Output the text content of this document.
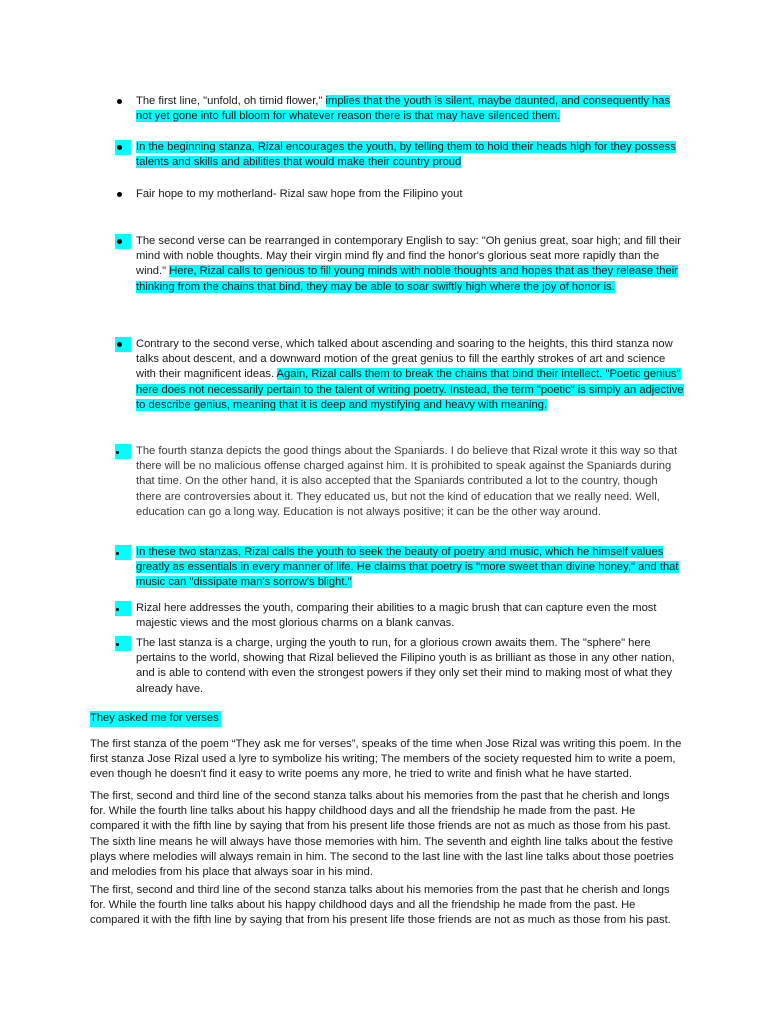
The first line, "unfold, oh timid flower," implies that the youth is silent, maybe daunted, and consequently has not yet gone into full bloom for whatever reason there is that may have silenced them.
In the beginning stanza, Rizal encourages the youth, by telling them to hold their heads high for they possess talents and skills and abilities that would make their country proud
Fair hope to my motherland- Rizal saw hope from the Filipino yout
The second verse can be rearranged in contemporary English to say: "Oh genius great, soar high; and fill their mind with noble thoughts. May their virgin mind fly and find the honor's glorious seat more rapidly than the wind." Here, Rizal calls to genious to fill young minds with noble thoughts and hopes that as they release their thinking from the chains that bind, they may be able to soar swiftly high where the joy of honor is.
Contrary to the second verse, which talked about ascending and soaring to the heights, this third stanza now talks about descent, and a downward motion of the great genius to fill the earthly strokes of art and science with their magnificent ideas. Again, Rizal calls them to break the chains that bind their intellect. "Poetic genius" here does not necessarily pertain to the talent of writing poetry. Instead, the term "poetic" is simply an adjective to describe genius, meaning that it is deep and mystifying and heavy with meaning.
The fourth stanza depicts the good things about the Spaniards. I do believe that Rizal wrote it this way so that there will be no malicious offense charged against him. It is prohibited to speak against the Spaniards during that time. On the other hand, it is also accepted that the Spaniards contributed a lot to the country, though there are controversies about it. They educated us, but not the kind of education that we really need. Well, education can go a long way. Education is not always positive; it can be the other way around.
In these two stanzas, Rizal calls the youth to seek the beauty of poetry and music, which he himself values greatly as essentials in every manner of life. He claims that poetry is "more sweet than divine honey," and that music can "dissipate man's sorrow's blight."
Rizal here addresses the youth, comparing their abilities to a magic brush that can capture even the most majestic views and the most glorious charms on a blank canvas.
The last stanza is a charge, urging the youth to run, for a glorious crown awaits them. The "sphere" here pertains to the world, showing that Rizal believed the Filipino youth is as brilliant as those in any other nation, and is able to contend with even the strongest powers if they only set their mind to making most of what they already have.
They asked me for verses
The first stanza of the poem “They ask me for verses”, speaks of the time when Jose Rizal was writing this poem. In the first stanza Jose Rizal used a lyre to symbolize his writing; The members of the society requested him to write a poem, even though he doesn't find it easy to write poems any more, he tried to write and finish what he have started.
The first, second and third line of the second stanza talks about his memories from the past that he cherish and longs for. While the fourth line talks about his happy childhood days and all the friendship he made from the past. He compared it with the fifth line by saying that from his present life those friends are not as much as those from his past. The sixth line means he will always have those memories with him. The seventh and eighth line talks about the festive plays where melodies will always remain in him. The second to the last line with the last line talks about those poetries and melodies from his place that always soar in his mind.
The first, second and third line of the second stanza talks about his memories from the past that he cherish and longs for. While the fourth line talks about his happy childhood days and all the friendship he made from the past. He compared it with the fifth line by saying that from his present life those friends are not as much as those from his past.
